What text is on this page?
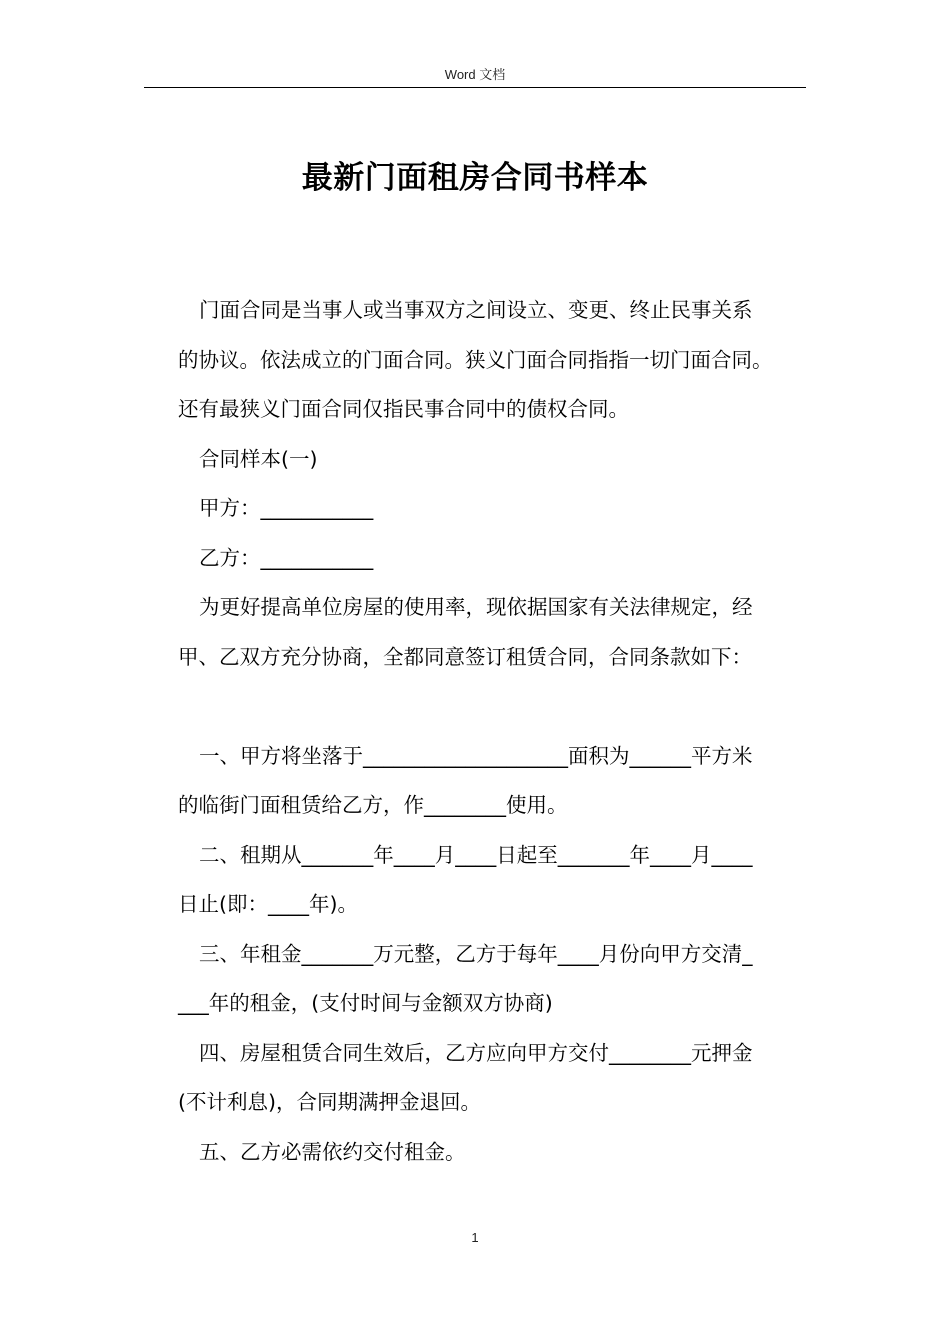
Word 文档
最新门面租房合同书样本
门面合同是当事人或当事双方之间设立、变更、终止民事关系
的协议。依法成立的门面合同。狭义门面合同指指一切门面合同。
还有最狭义门面合同仅指民事合同中的债权合同。
合同样本(一)
甲方：___________
乙方：___________
为更好提高单位房屋的使用率，现依据国家有关法律规定，经
甲、乙双方充分协商，全都同意签订租赁合同，合同条款如下：
一、甲方将坐落于____________________面积为______平方米
的临街门面租赁给乙方，作________使用。
二、租期从_______年____月____日起至_______年____月____
日止(即：____年)。
三、年租金_______万元整，乙方于每年____月份向甲方交清_
___年的租金，(支付时间与金额双方协商)
四、房屋租赁合同生效后，乙方应向甲方交付________元押金
(不计利息)，合同期满押金退回。
五、乙方必需依约交付租金。
1
